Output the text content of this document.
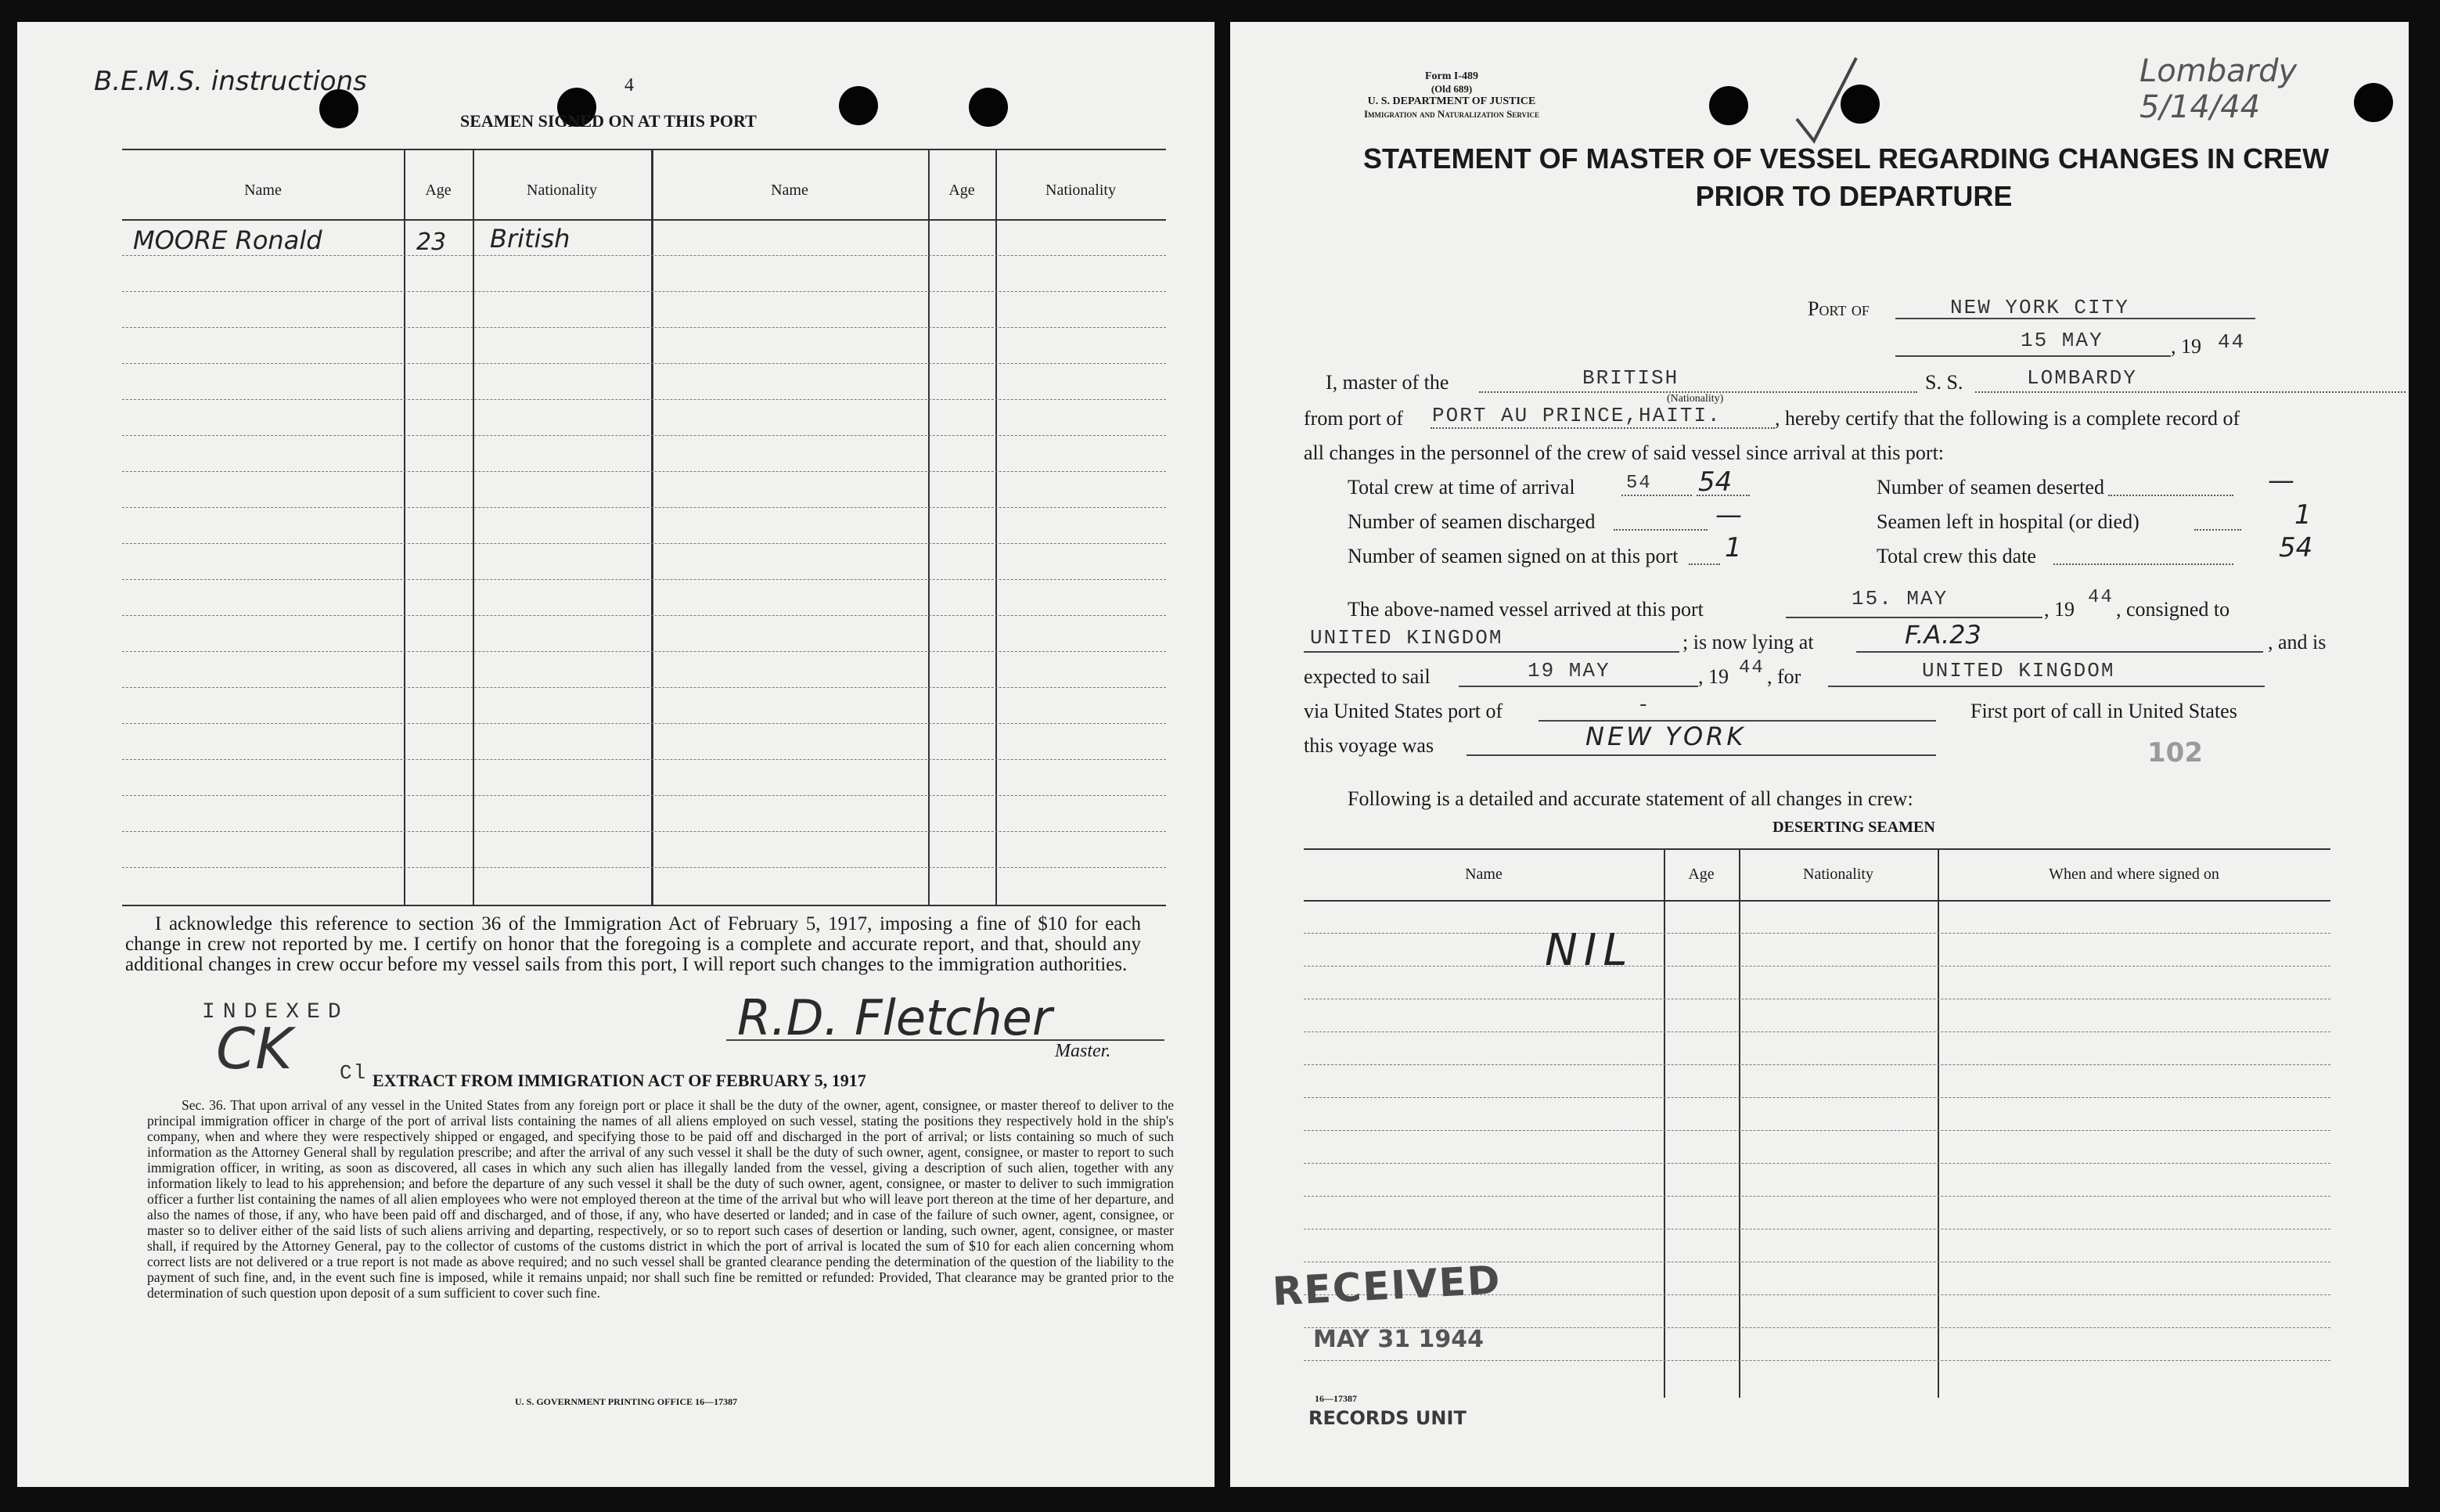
B.E.M.S. instructions	4
SEAMEN SIGNED ON AT THIS PORT
Name	Age	Nationality	Name	Age	Nationality
MOORE Ronald	23 British
I acknowledge this reference to section 36 of the Immigration Act of February 5, 1917, imposing a fine of $10 for each change in crew not reported by me. I certify on honor that the foregoing is a complete and accurate report, and that, should any additional changes in crew occur before my vessel sails from this port, I will report such changes to the immigration authorities.
INDEXED
CK Cl
R.D. Fletcher
Master.
EXTRACT FROM IMMIGRATION ACT OF FEBRUARY 5, 1917
Sec. 36. That upon arrival of any vessel in the United States from any foreign port or place it shall be the duty of the owner, agent, consignee, or master thereof to deliver to the principal immigration officer in charge of the port of arrival lists containing the names of all aliens employed on such vessel, stating the positions they respectively hold in the ship's company, when and where they were respectively shipped or engaged, and specifying those to be paid off and discharged in the port of arrival; or lists containing so much of such information as the Attorney General shall by regulation prescribe; and after the arrival of any such vessel it shall be the duty of such owner, agent, consignee, or master to report to such immigration officer, in writing, as soon as discovered, all cases in which any such alien has illegally landed from the vessel, giving a description of such alien, together with any information likely to lead to his apprehension; and before the departure of any such vessel it shall be the duty of such owner, agent, consignee, or master to deliver to such immigration officer a further list containing the names of all alien employees who were not employed thereon at the time of the arrival but who will leave port thereon at the time of her departure, and also the names of those, if any, who have been paid off and discharged, and of those, if any, who have deserted or landed; and in case of the failure of such owner, agent, consignee, or master so to deliver either of the said lists of such aliens arriving and departing, respectively, or so to report such cases of desertion or landing, such owner, agent, consignee, or master shall, if required by the Attorney General, pay to the collector of customs of the customs district in which the port of arrival is located the sum of $10 for each alien concerning whom correct lists are not delivered or a true report is not made as above required; and no such vessel shall be granted clearance pending the determination of the question of the liability to the payment of such fine, and, in the event such fine is imposed, while it remains unpaid; nor shall such fine be remitted or refunded: Provided, That clearance may be granted prior to the determination of such question upon deposit of a sum sufficient to cover such fine.
U. S. GOVERNMENT PRINTING OFFICE 16—17387
Form I-489
(Old 689)
U. S. DEPARTMENT OF JUSTICE
Immigration and Naturalization Service
Lombardy 5/14/44
STATEMENT OF MASTER OF VESSEL REGARDING CHANGES IN CREW
PRIOR TO DEPARTURE
Port of	NEW YORK CITY
15 MAY	, 19 44
I, master of the	BRITISH
(Nationality)
S. S.	LOMBARDY
from port of PORT AU PRINCE,HAITI.	, hereby certify that the following is a complete record of
all changes in the personnel of the crew of said vessel since arrival at this port:
Total crew at time of arrival	54 54	Number of seamen deserted	—
Number of seamen discharged	—	Seamen left in hospital (or died)	1
Number of seamen signed on at this port 1	Total crew this date	54
The above-named vessel arrived at this port	15. MAY	, 19
44
, consigned to
UNITED KINGDOM	; is now lying at	F.A.23	, and is
expected to sail	19 MAY	, 19 44 , for	UNITED KINGDOM
via United States port of	-	First port of call in United States
this voyage was	NEW YORK
102
Following is a detailed and accurate statement of all changes in crew:
DESERTING SEAMEN
Name	Age	Nationality	When and where signed on
NIL
RECEIVED
MAY 31 1944
16—17387
RECORDS UNIT
